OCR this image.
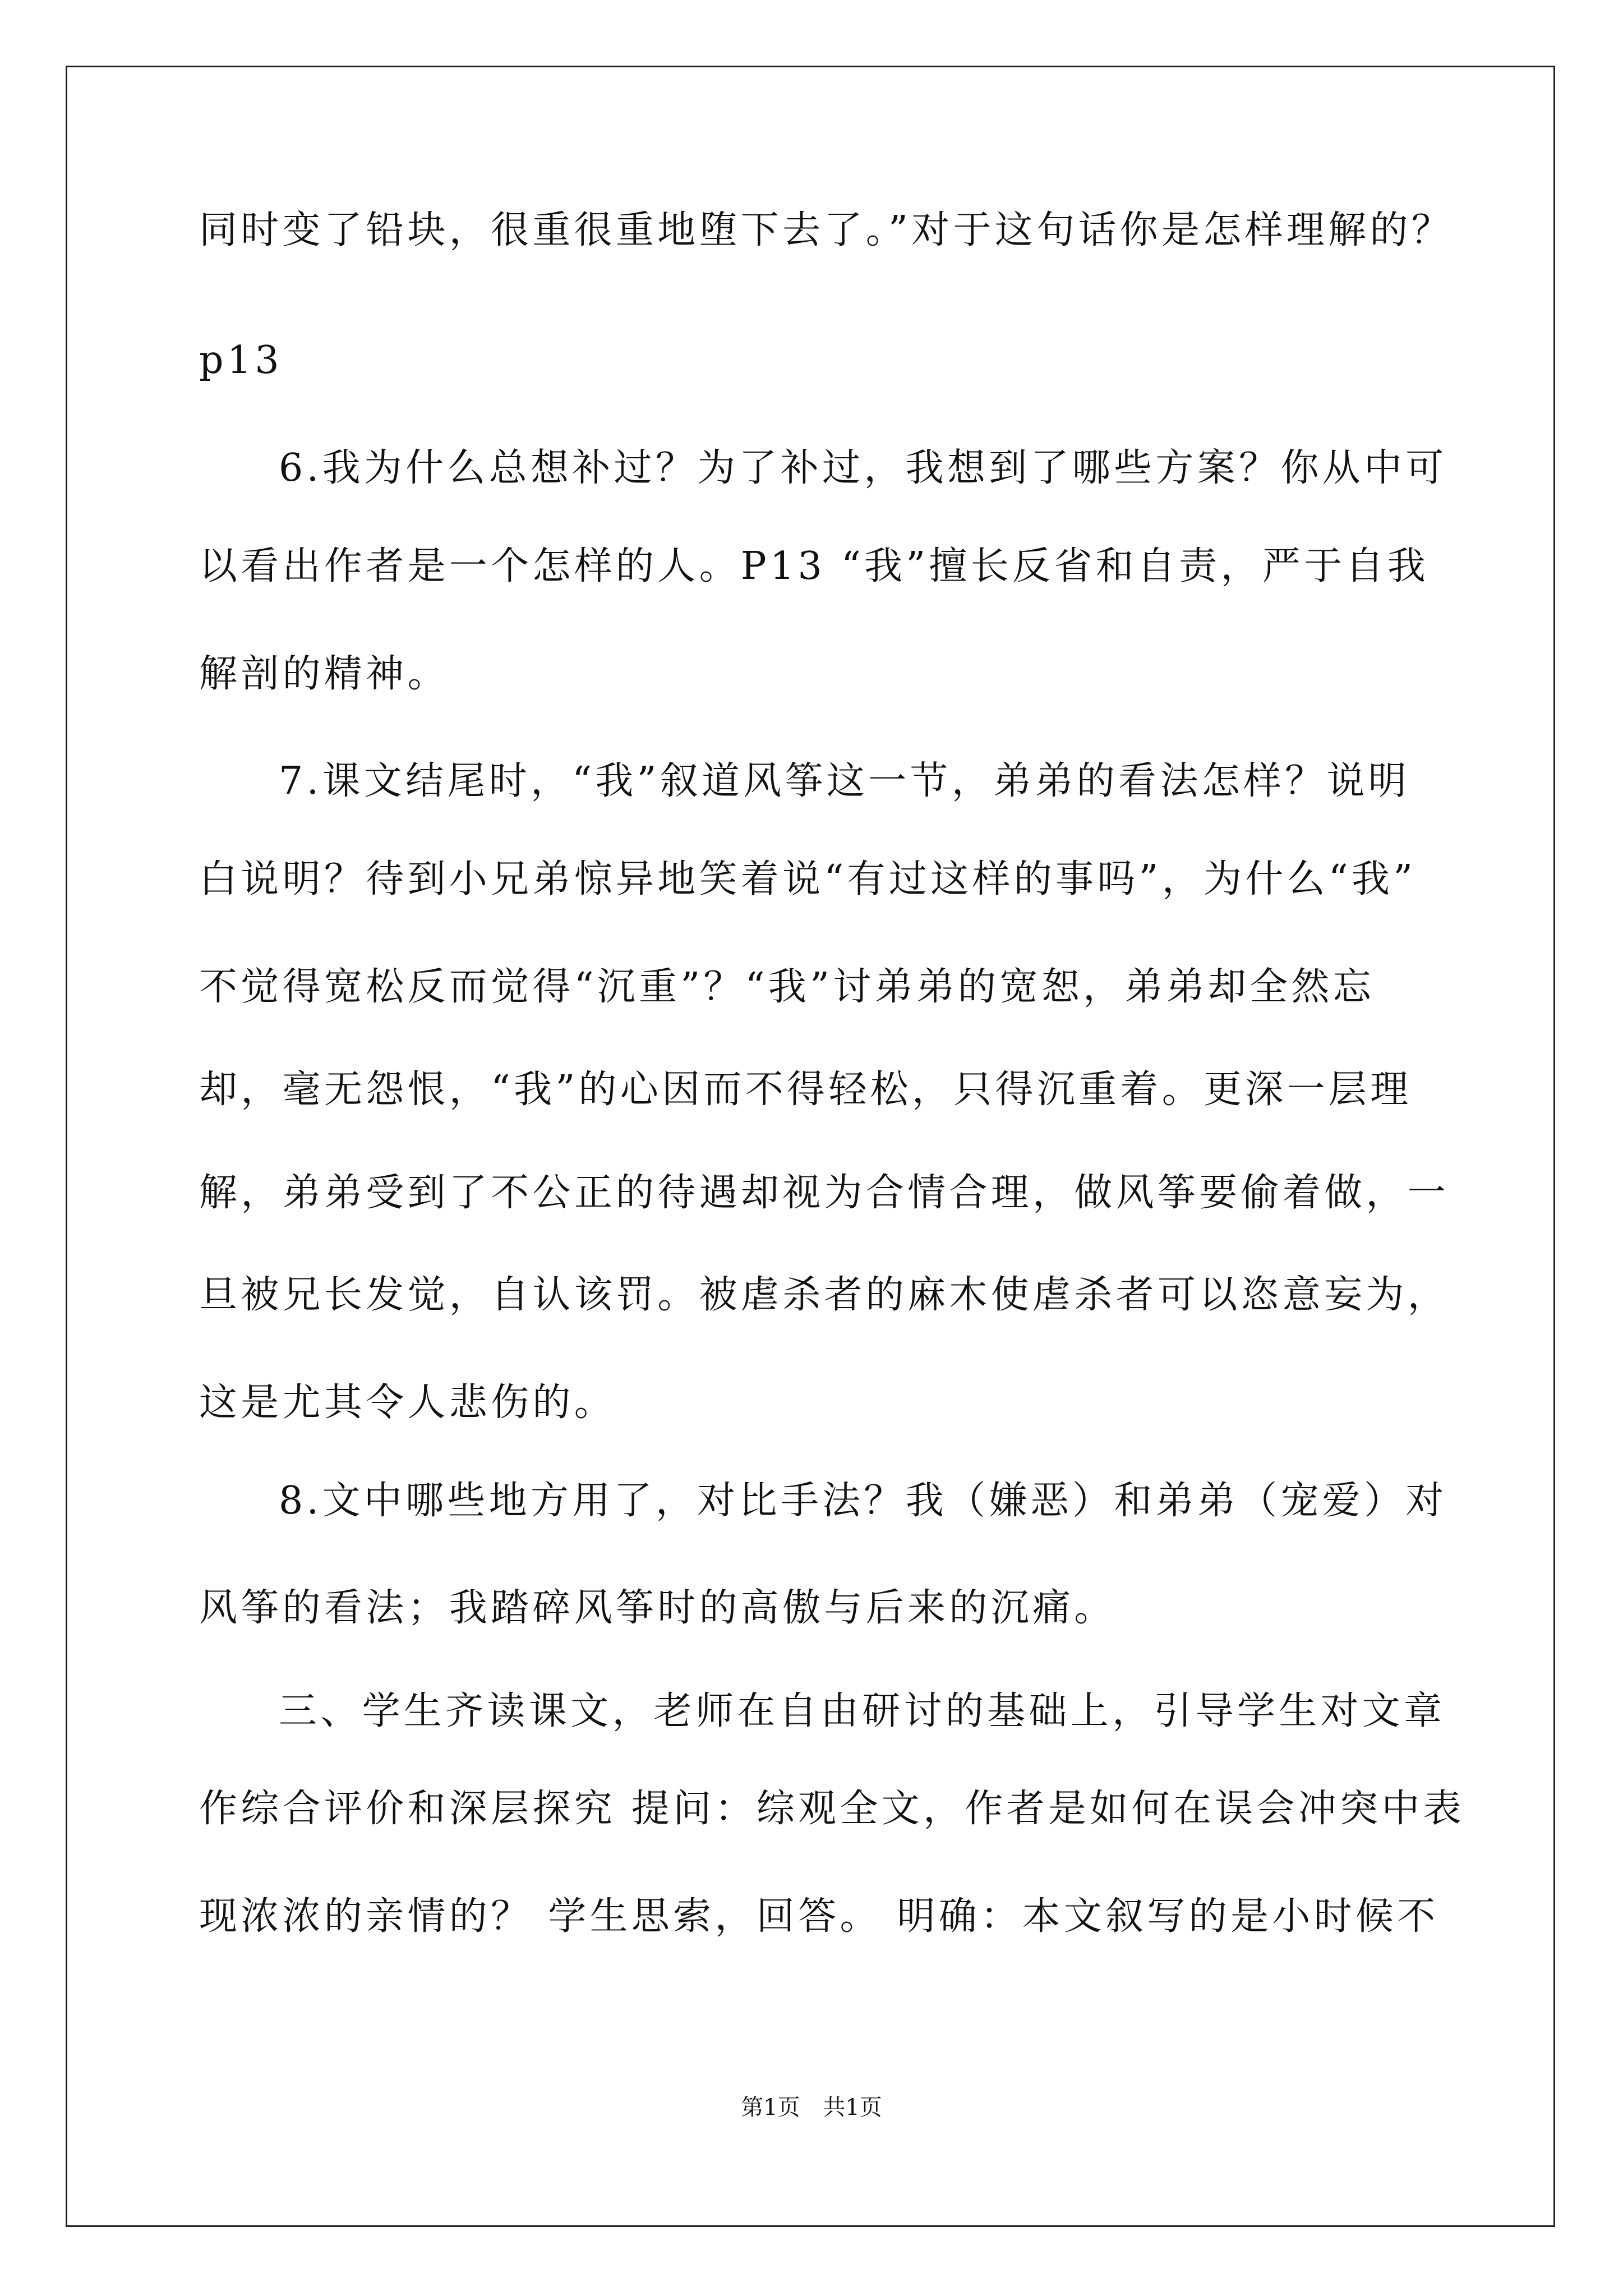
同时变了铅块，很重很重地堕下去了。”对于这句话你是怎样理解的？
p13
6.我为什么总想补过？为了补过，我想到了哪些方案？你从中可
以看出作者是一个怎样的人。P13 “我”擅长反省和自责，严于自我
解剖的精神。
7.课文结尾时，“我”叙道风筝这一节，弟弟的看法怎样？说明
白说明？待到小兄弟惊异地笑着说“有过这样的事吗”，为什么“我”
不觉得宽松反而觉得“沉重”？“我”讨弟弟的宽恕，弟弟却全然忘
却，毫无怨恨，“我”的心因而不得轻松，只得沉重着。更深一层理
解，弟弟受到了不公正的待遇却视为合情合理，做风筝要偷着做，一
旦被兄长发觉，自认该罚。被虐杀者的麻木使虐杀者可以恣意妄为，
这是尤其令人悲伤的。
8.文中哪些地方用了，对比手法？我（嫌恶）和弟弟（宠爱）对
风筝的看法；我踏碎风筝时的高傲与后来的沉痛。
三、学生齐读课文，老师在自由研讨的基础上，引导学生对文章
作综合评价和深层探究 提问：综观全文，作者是如何在误会冲突中表
现浓浓的亲情的？ 学生思索，回答。 明确：本文叙写的是小时候不
第1页 共1页
